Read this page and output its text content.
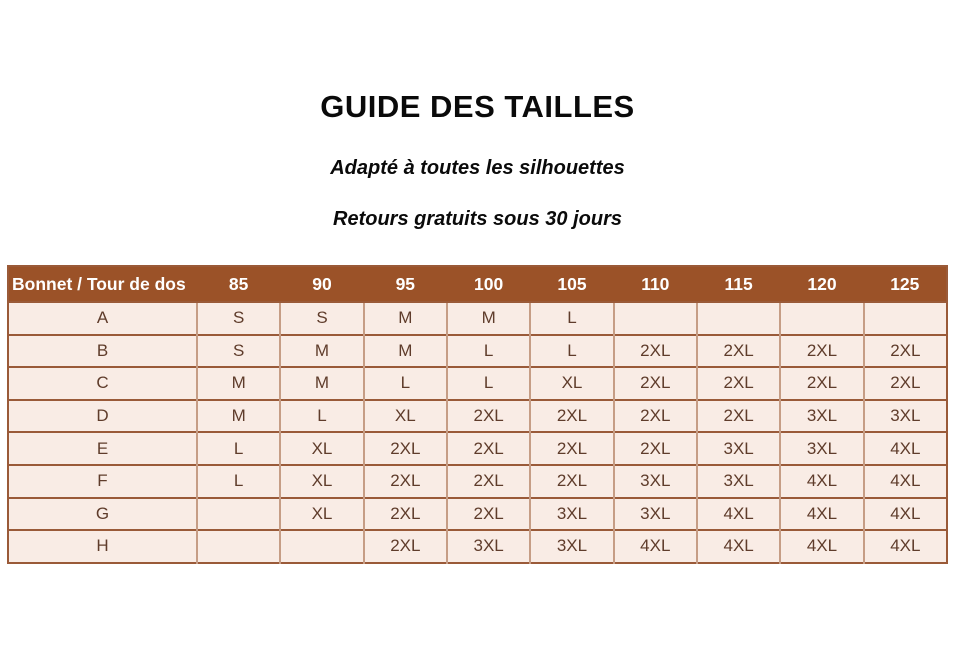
GUIDE DES TAILLES
Adapté à toutes les silhouettes
Retours gratuits sous 30 jours
Bonnet / Tour de dos	85	90	95	100	105	110	115	120	125
A	S	S	M	M	L				
B	S	M	M	L	L	2XL	2XL	2XL	2XL
C	M	M	L	L	XL	2XL	2XL	2XL	2XL
D	M	L	XL	2XL	2XL	2XL	2XL	3XL	3XL
E	L	XL	2XL	2XL	2XL	2XL	3XL	3XL	4XL
F	L	XL	2XL	2XL	2XL	3XL	3XL	4XL	4XL
G		XL	2XL	2XL	3XL	3XL	4XL	4XL	4XL
H			2XL	3XL	3XL	4XL	4XL	4XL	4XL
